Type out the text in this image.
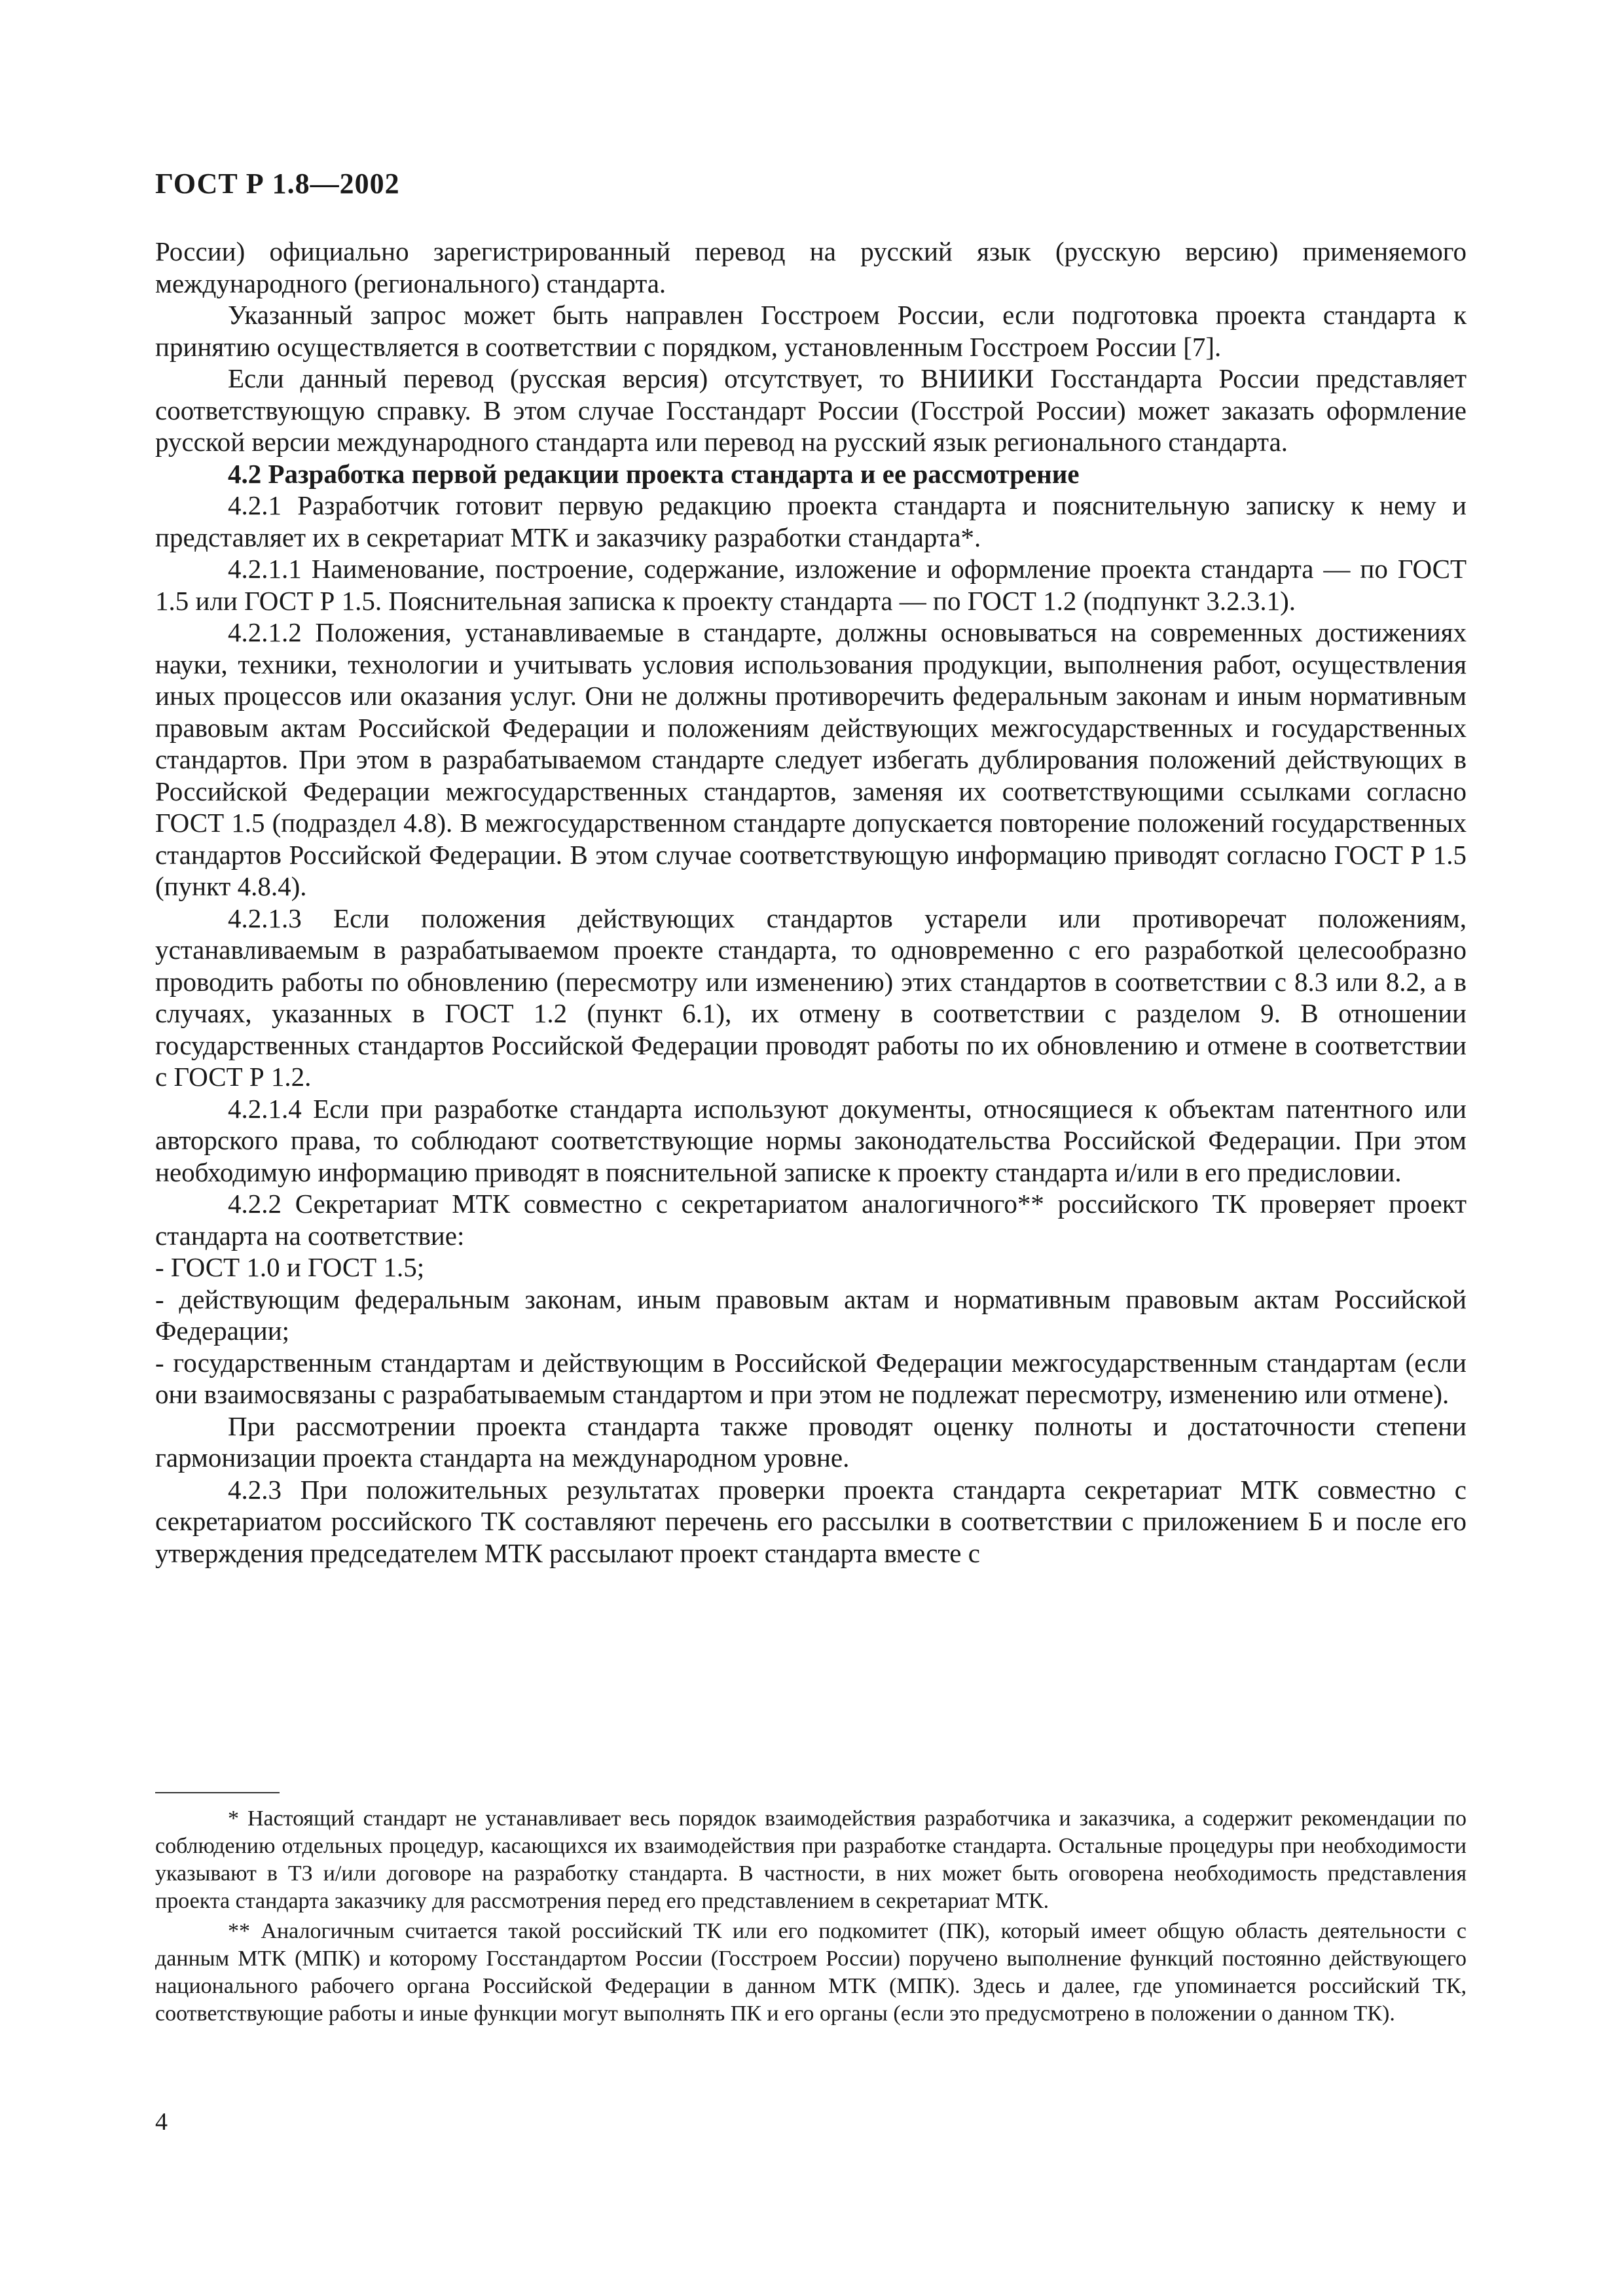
ГОСТ Р 1.8—2002

России) официально зарегистрированный перевод на русский язык (русскую версию) применяемого международного (регионального) стандарта.

Указанный запрос может быть направлен Госстроем России, если подготовка проекта стандарта к принятию осуществляется в соответствии с порядком, установленным Госстроем России [7].

Если данный перевод (русская версия) отсутствует, то ВНИИКИ Госстандарта России представляет соответствующую справку. В этом случае Госстандарт России (Госстрой России) может заказать оформление русской версии международного стандарта или перевод на русский язык регионального стандарта.

4.2 Разработка первой редакции проекта стандарта и ее рассмотрение

4.2.1 Разработчик готовит первую редакцию проекта стандарта и пояснительную записку к нему и представляет их в секретариат МТК и заказчику разработки стандарта*.

4.2.1.1 Наименование, построение, содержание, изложение и оформление проекта стандарта — по ГОСТ 1.5 или ГОСТ Р 1.5. Пояснительная записка к проекту стандарта — по ГОСТ 1.2 (подпункт 3.2.3.1).

4.2.1.2 Положения, устанавливаемые в стандарте, должны основываться на современных достижениях науки, техники, технологии и учитывать условия использования продукции, выполнения работ, осуществления иных процессов или оказания услуг. Они не должны противоречить федеральным законам и иным нормативным правовым актам Российской Федерации и положениям действующих межгосударственных и государственных стандартов. При этом в разрабатываемом стандарте следует избегать дублирования положений действующих в Российской Федерации межгосударственных стандартов, заменяя их соответствующими ссылками согласно ГОСТ 1.5 (подраздел 4.8). В межгосударственном стандарте допускается повторение положений государственных стандартов Российской Федерации. В этом случае соответствующую информацию приводят согласно ГОСТ Р 1.5 (пункт 4.8.4).

4.2.1.3 Если положения действующих стандартов устарели или противоречат положениям, устанавливаемым в разрабатываемом проекте стандарта, то одновременно с его разработкой целесообразно проводить работы по обновлению (пересмотру или изменению) этих стандартов в соответствии с 8.3 или 8.2, а в случаях, указанных в ГОСТ 1.2 (пункт 6.1), их отмену в соответствии с разделом 9. В отношении государственных стандартов Российской Федерации проводят работы по их обновлению и отмене в соответствии с ГОСТ Р 1.2.

4.2.1.4 Если при разработке стандарта используют документы, относящиеся к объектам патентного или авторского права, то соблюдают соответствующие нормы законодательства Российской Федерации. При этом необходимую информацию приводят в пояснительной записке к проекту стандарта и/или в его предисловии.

4.2.2 Секретариат МТК совместно с секретариатом аналогичного** российского ТК проверяет проект стандарта на соответствие:

- ГОСТ 1.0 и ГОСТ 1.5;

- действующим федеральным законам, иным правовым актам и нормативным правовым актам Российской Федерации;

- государственным стандартам и действующим в Российской Федерации межгосударственным стандартам (если они взаимосвязаны с разрабатываемым стандартом и при этом не подлежат пересмотру, изменению или отмене).

При рассмотрении проекта стандарта также проводят оценку полноты и достаточности степени гармонизации проекта стандарта на международном уровне.

4.2.3 При положительных результатах проверки проекта стандарта секретариат МТК совместно с секретариатом российского ТК составляют перечень его рассылки в соответствии с приложением Б и после его утверждения председателем МТК рассылают проект стандарта вместе с

* Настоящий стандарт не устанавливает весь порядок взаимодействия разработчика и заказчика, а содержит рекомендации по соблюдению отдельных процедур, касающихся их взаимодействия при разработке стандарта. Остальные процедуры при необходимости указывают в ТЗ и/или договоре на разработку стандарта. В частности, в них может быть оговорена необходимость представления проекта стандарта заказчику для рассмотрения перед его представлением в секретариат МТК.

** Аналогичным считается такой российский ТК или его подкомитет (ПК), который имеет общую область деятельности с данным МТК (МПК) и которому Госстандартом России (Госстроем России) поручено выполнение функций постоянно действующего национального рабочего органа Российской Федерации в данном МТК (МПК). Здесь и далее, где упоминается российский ТК, соответствующие работы и иные функции могут выполнять ПК и его органы (если это предусмотрено в положении о данном ТК).

4
